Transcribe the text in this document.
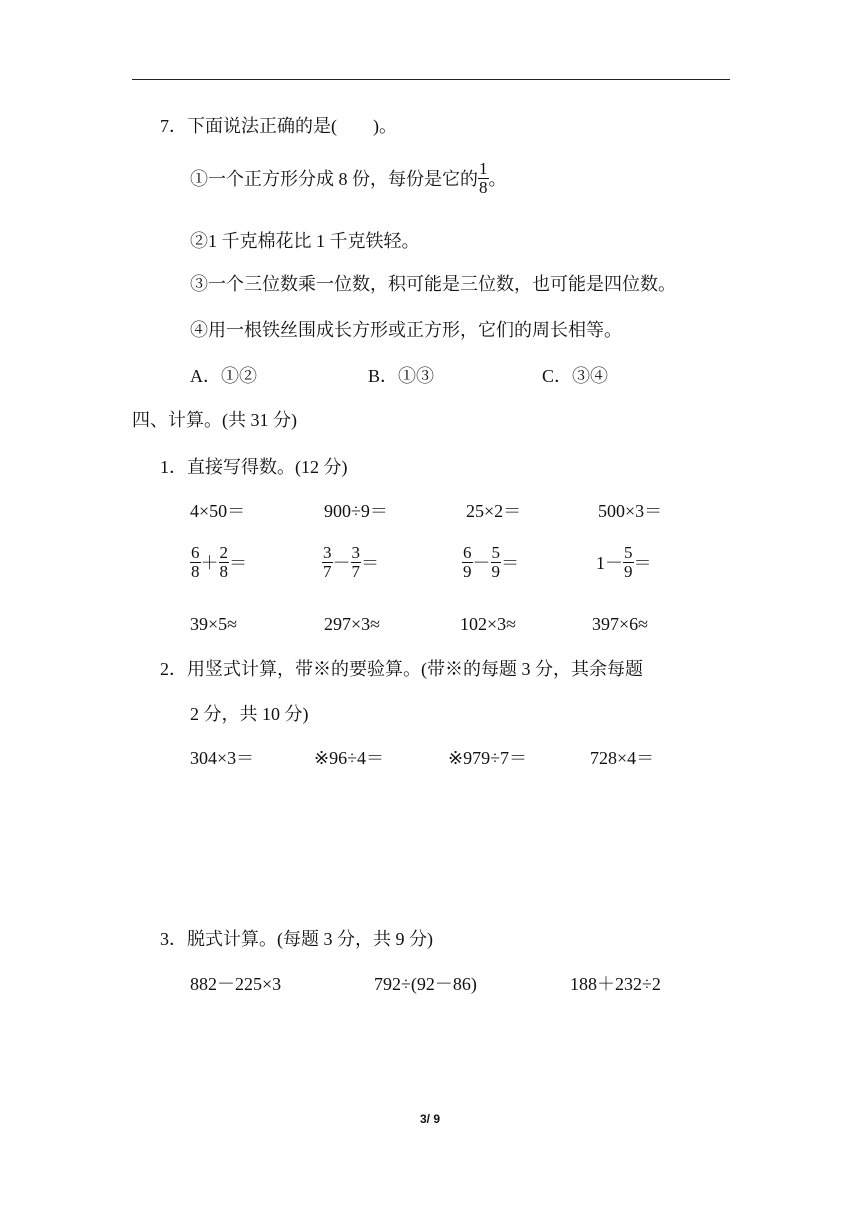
7．下面说法正确的是(　　)。
①一个正方形分成 8 份，每份是它的 $\frac{1}{8}$ 。
②1 千克棉花比 1 千克铁轻。
③一个三位数乘一位数，积可能是三位数，也可能是四位数。
④用一根铁丝围成长方形或正方形，它们的周长相等。
A．①②	B．①③	C．③④
四、计算。(共 31 分)
1．直接写得数。(12 分)
4×50＝	900÷9＝	25×2＝	500×3＝
$\frac{6}{8} + \frac{2}{8}$ ＝	$\frac{3}{7} - \frac{3}{7}$ ＝	$\frac{6}{9} - \frac{5}{9}$ ＝	$1- \frac{5}{9}$ ＝
39×5≈	297×3≈	102×3≈	397×6≈
2．用竖式计算，带※的要验算。(带※的每题 3 分，其余每题
2 分，共 10 分)
304×3＝	※96÷4＝	※979÷7＝	728×4＝
3．脱式计算。(每题 3 分，共 9 分)
882－225×3	792÷(92－86)	188＋232÷2
3/ 9
